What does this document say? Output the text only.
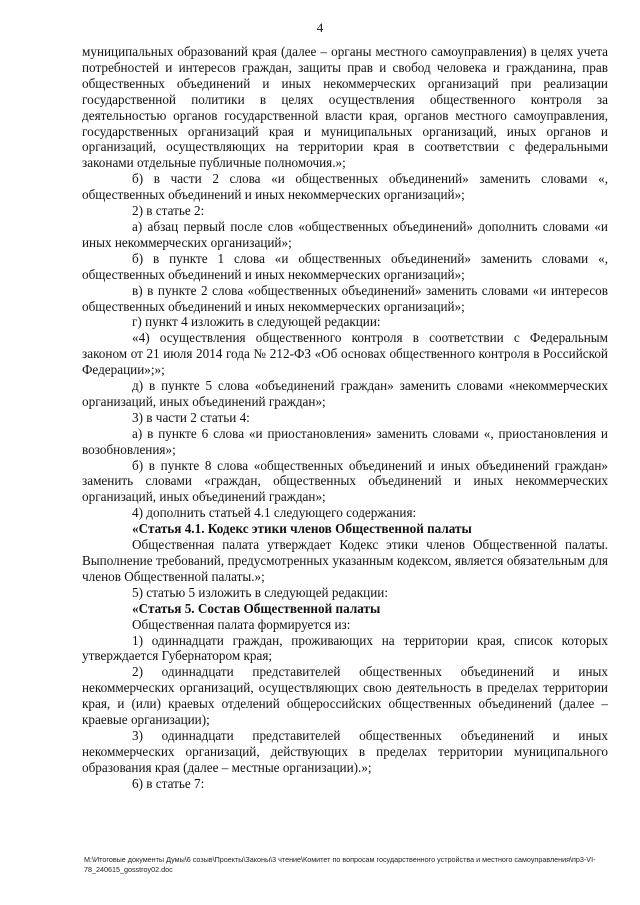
4

муниципальных образований края (далее – органы местного самоуправления) в целях учета потребностей и интересов граждан, защиты прав и свобод человека и гражданина, прав общественных объединений и иных некоммерческих организаций при реализации государственной политики в целях осуществления общественного контроля за деятельностью органов государственной власти края, органов местного самоуправления, государственных организаций края и муниципальных организаций, иных органов и организаций, осуществляющих на территории края в соответствии с федеральными законами отдельные публичные полномочия.»;

б) в части 2 слова «и общественных объединений» заменить словами «, общественных объединений и иных некоммерческих организаций»;

2) в статье 2:

а) абзац первый после слов «общественных объединений» дополнить словами «и иных некоммерческих организаций»;

б) в пункте 1 слова «и общественных объединений» заменить словами «, общественных объединений и иных некоммерческих организаций»;

в) в пункте 2 слова «общественных объединений» заменить словами «и интересов общественных объединений и иных некоммерческих организаций»;

г) пункт 4 изложить в следующей редакции:

«4) осуществления общественного контроля в соответствии с Федеральным законом от 21 июля 2014 года № 212-ФЗ «Об основах общественного контроля в Российской Федерации»;»;

д) в пункте 5 слова «объединений граждан» заменить словами «некоммерческих организаций, иных объединений граждан»;

3) в части 2 статьи 4:

а) в пункте 6 слова «и приостановления» заменить словами «, приостановления и возобновления»;

б) в пункте 8 слова «общественных объединений и иных объединений граждан» заменить словами «граждан, общественных объединений и иных некоммерческих организаций, иных объединений граждан»;

4) дополнить статьей 4.1 следующего содержания:

«Статья 4.1. Кодекс этики членов Общественной палаты

Общественная палата утверждает Кодекс этики членов Общественной палаты. Выполнение требований, предусмотренных указанным кодексом, является обязательным для членов Общественной палаты.»;

5) статью 5 изложить в следующей редакции:

«Статья 5. Состав Общественной палаты

Общественная палата формируется из:

1) одиннадцати граждан, проживающих на территории края, список которых утверждается Губернатором края;

2) одиннадцати представителей общественных объединений и иных некоммерческих организаций, осуществляющих свою деятельность в пределах территории края, и (или) краевых отделений общероссийских общественных объединений (далее – краевые организации);

3) одиннадцати представителей общественных объединений и иных некоммерческих организаций, действующих в пределах территории муниципального образования края (далее – местные организации).»;

6) в статье 7:

М:\Итоговые документы Думы\6 созыв\Проекты\Законы\3 чтение\Комитет по вопросам государственного устройства и местного самоуправления\пр3-VI-78_240615_gosstroy02.doc
